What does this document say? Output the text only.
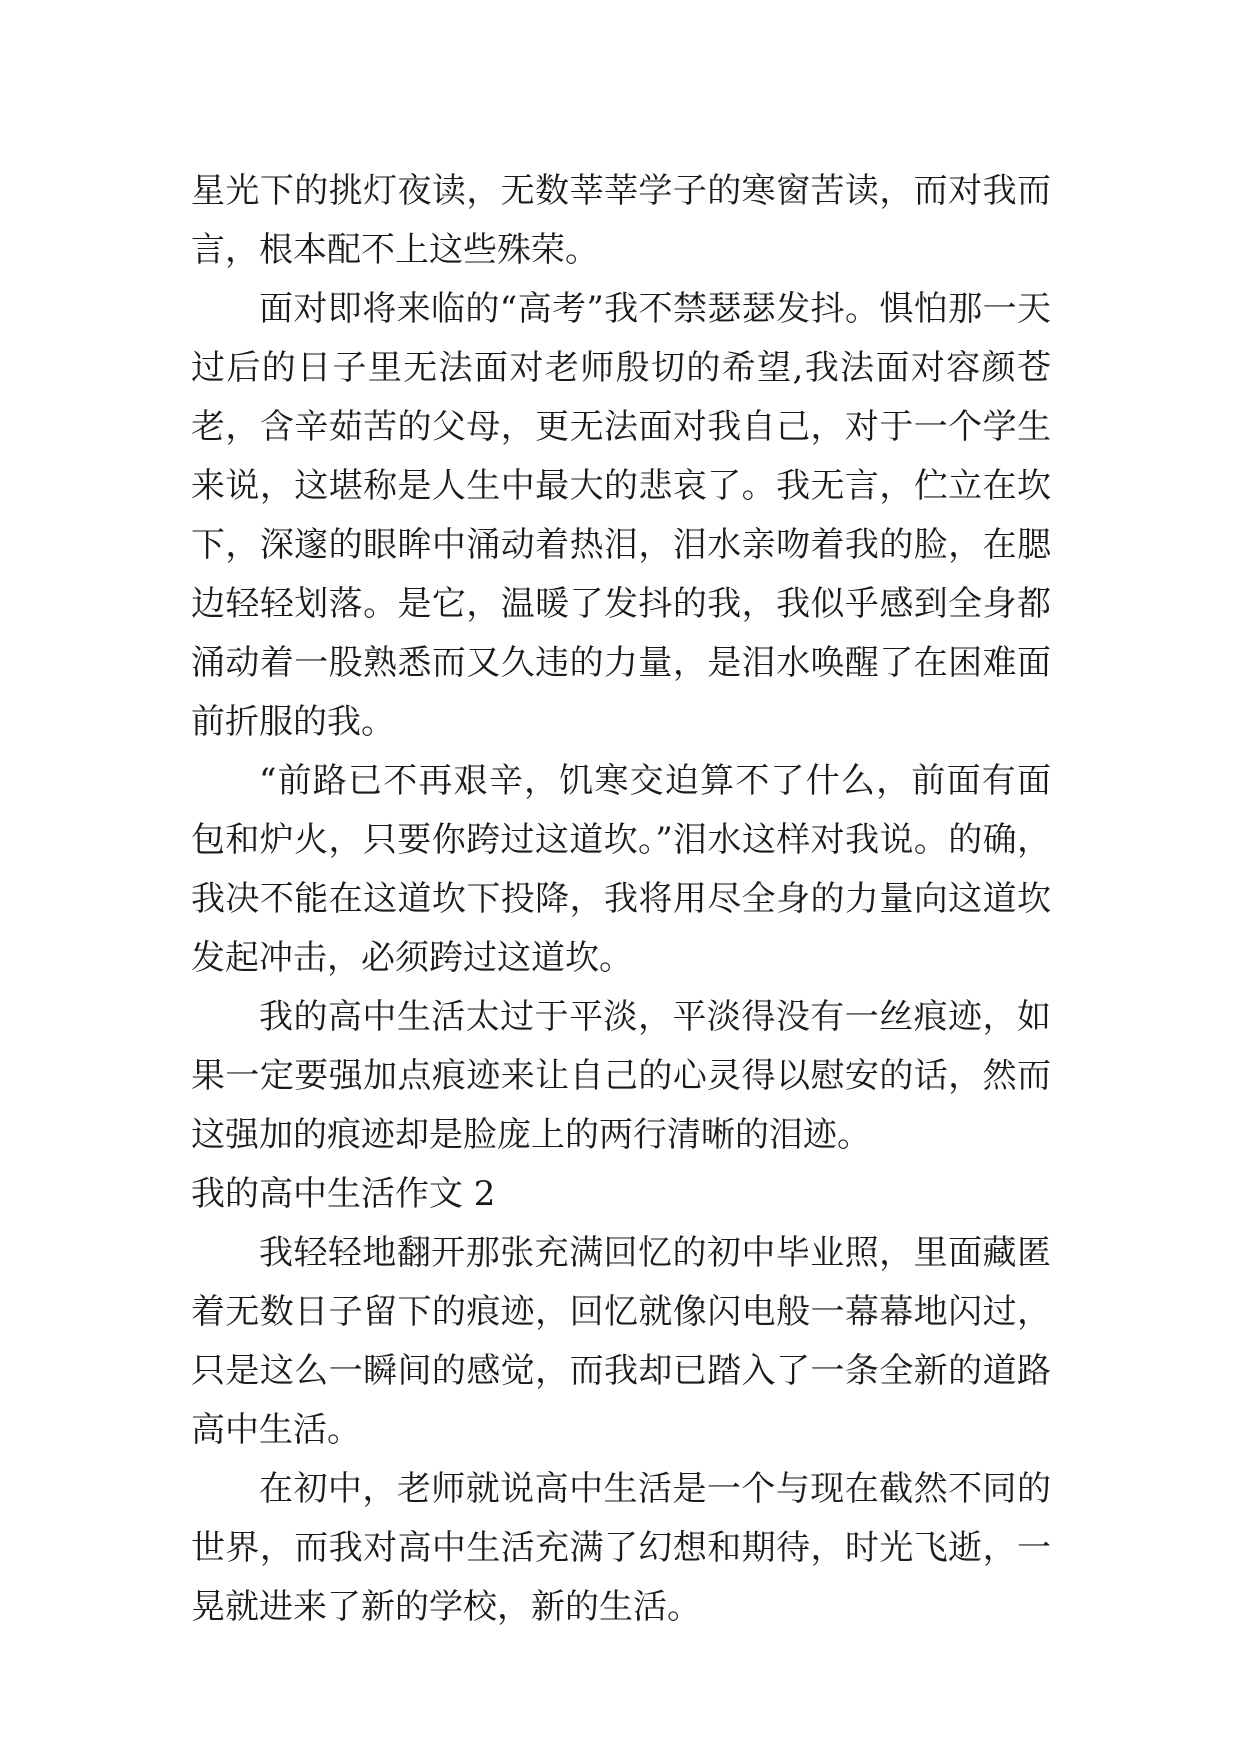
星光下的挑灯夜读，无数莘莘学子的寒窗苦读，而对我而言，根本配不上这些殊荣。

面对即将来临的“高考”我不禁瑟瑟发抖。惧怕那一天过后的日子里无法面对老师殷切的希望,我法面对容颜苍老，含辛茹苦的父母，更无法面对我自己，对于一个学生来说，这堪称是人生中最大的悲哀了。我无言，伫立在坎下，深邃的眼眸中涌动着热泪，泪水亲吻着我的脸，在腮边轻轻划落。是它，温暖了发抖的我，我似乎感到全身都涌动着一股熟悉而又久违的力量，是泪水唤醒了在困难面前折服的我。

“前路已不再艰辛，饥寒交迫算不了什么，前面有面包和炉火，只要你跨过这道坎。”泪水这样对我说。的确，我决不能在这道坎下投降，我将用尽全身的力量向这道坎发起冲击，必须跨过这道坎。

我的高中生活太过于平淡，平淡得没有一丝痕迹，如果一定要强加点痕迹来让自己的心灵得以慰安的话，然而这强加的痕迹却是脸庞上的两行清晰的泪迹。

我的高中生活作文 2

我轻轻地翻开那张充满回忆的初中毕业照，里面藏匿着无数日子留下的痕迹，回忆就像闪电般一幕幕地闪过，只是这么一瞬间的感觉，而我却已踏入了一条全新的道路高中生活。

在初中，老师就说高中生活是一个与现在截然不同的世界，而我对高中生活充满了幻想和期待，时光飞逝，一晃就进来了新的学校，新的生活。
